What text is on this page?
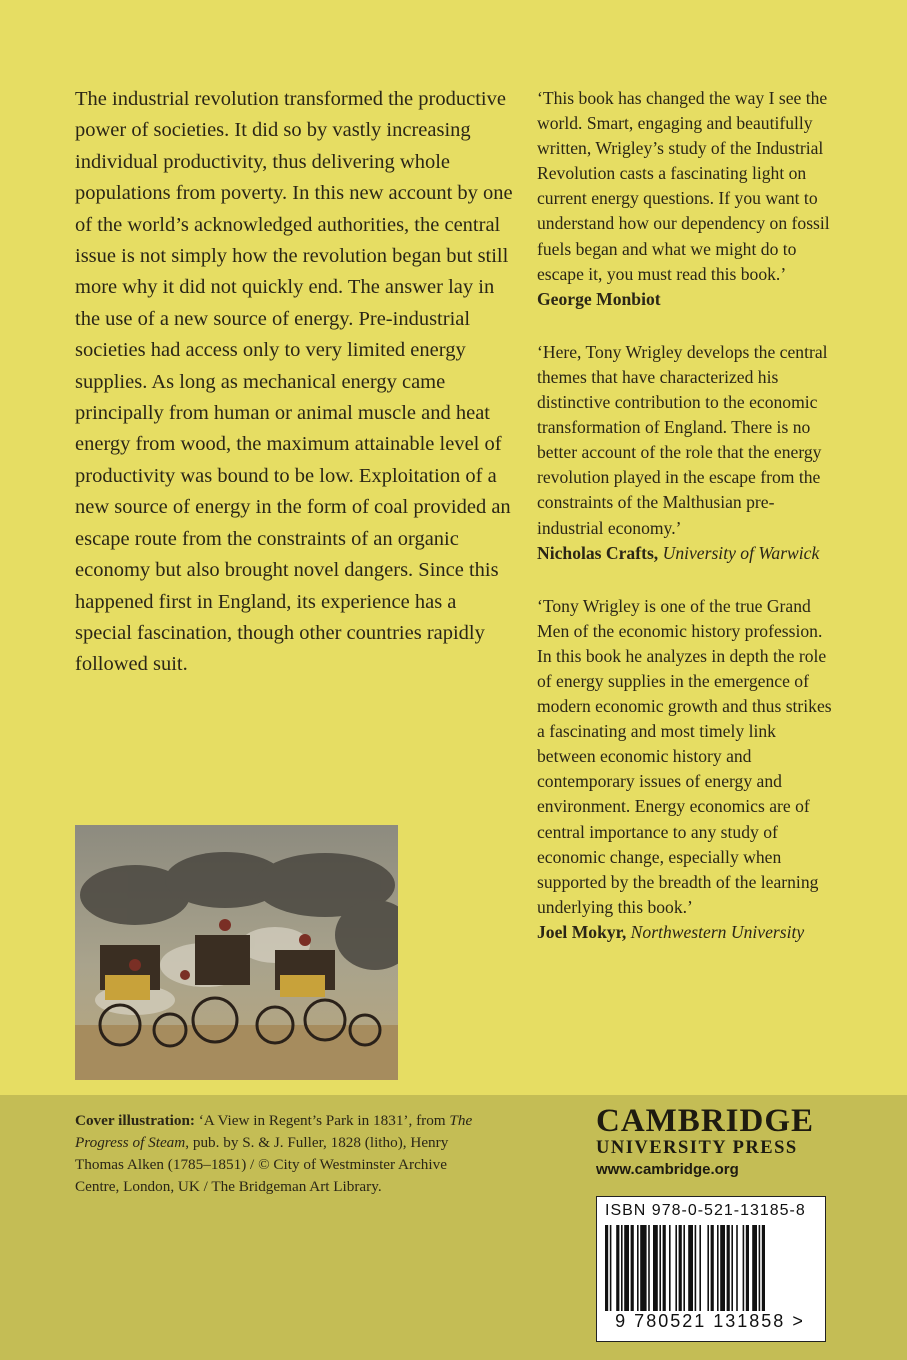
The industrial revolution transformed the productive power of societies. It did so by vastly increasing individual productivity, thus delivering whole populations from poverty. In this new account by one of the world’s acknowledged authorities, the central issue is not simply how the revolution began but still more why it did not quickly end. The answer lay in the use of a new source of energy. Pre-industrial societies had access only to very limited energy supplies. As long as mechanical energy came principally from human or animal muscle and heat energy from wood, the maximum attainable level of productivity was bound to be low. Exploitation of a new source of energy in the form of coal provided an escape route from the constraints of an organic economy but also brought novel dangers. Since this happened first in England, its experience has a special fascination, though other countries rapidly followed suit.

‘This book has changed the way I see the world. Smart, engaging and beautifully written, Wrigley’s study of the Industrial Revolution casts a fascinating light on current energy questions. If you want to understand how our dependency on fossil fuels began and what we might do to escape it, you must read this book.’

George Monbiot

‘Here, Tony Wrigley develops the central themes that have characterized his distinctive contribution to the economic transformation of England. There is no better account of the role that the energy revolution played in the escape from the constraints of the Malthusian pre-industrial economy.’

Nicholas Crafts, University of Warwick

‘Tony Wrigley is one of the true Grand Men of the economic history profession. In this book he analyzes in depth the role of energy supplies in the emergence of modern economic growth and thus strikes a fascinating and most timely link between economic history and contemporary issues of energy and environment. Energy economics are of central importance to any study of economic change, especially when supported by the breadth of the learning underlying this book.’

Joel Mokyr, Northwestern University

Cover illustration: ‘A View in Regent’s Park in 1831’, from The Progress of Steam, pub. by S. & J. Fuller, 1828 (litho), Henry Thomas Alken (1785–1851) / © City of Westminster Archive Centre, London, UK / The Bridgeman Art Library.

CAMBRIDGE
UNIVERSITY PRESS
www.cambridge.org
ISBN 978-0-521-13185-8
9 780521 131858 >
